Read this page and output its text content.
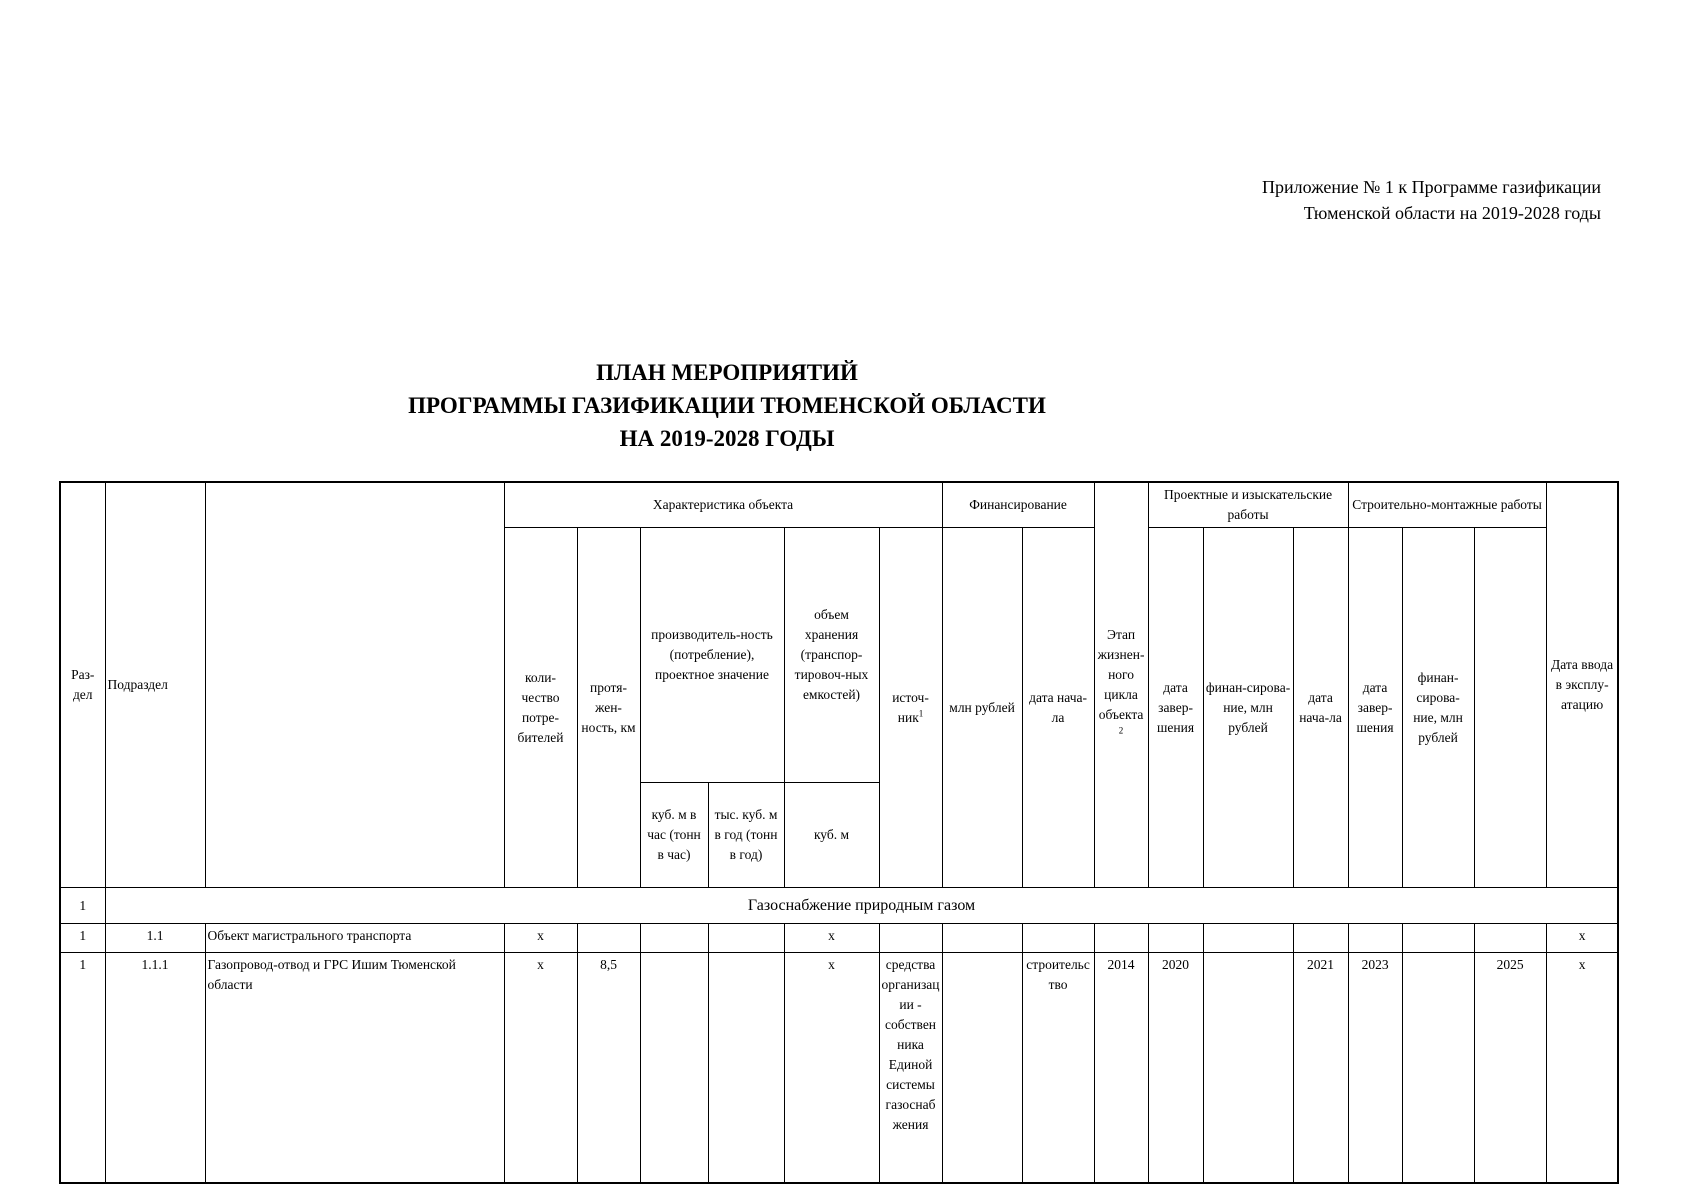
Приложение № 1 к Программе газификации
Тюменской области на 2019-2028 годы
ПЛАН МЕРОПРИЯТИЙ
ПРОГРАММЫ ГАЗИФИКАЦИИ ТЮМЕНСКОЙ ОБЛАСТИ
НА 2019-2028 ГОДЫ
Раз-дел	Подраздел		Характеристика объекта						Финансирование		Этап жизнен-ного цикла объекта$^2$	Проектные и изыскательские работы			Строительно-монтажные работы			Дата ввода в эксплу-атацию	
			коли-чество потре-бителей	протя-жен-ность, км	производитель-ность (потребление), проектное значение		объем хранения (транспор-тировоч-ных емкостей)	источ-ник$^1$	млн рублей	дата нача-ла		дата завер-шения	финан-сирова-ние, млн рублей	дата нача-ла	дата завер-шения	финан-сирова-ние, млн рублей			
					куб. м в час (тонн в час)	тыс. куб. м в год (тонн в год)	куб. м												
1	Газоснабжение природным газом																		
1	1.1	Объект магистрального транспорта	х				х											х	
1	1.1.1	Газопровод-отвод и ГРС Ишим Тюменской области	х	8,5			х	средства организации - собственника Единой системы газоснабжения		строительство	2014	2020		2021	2023		2025	х	
